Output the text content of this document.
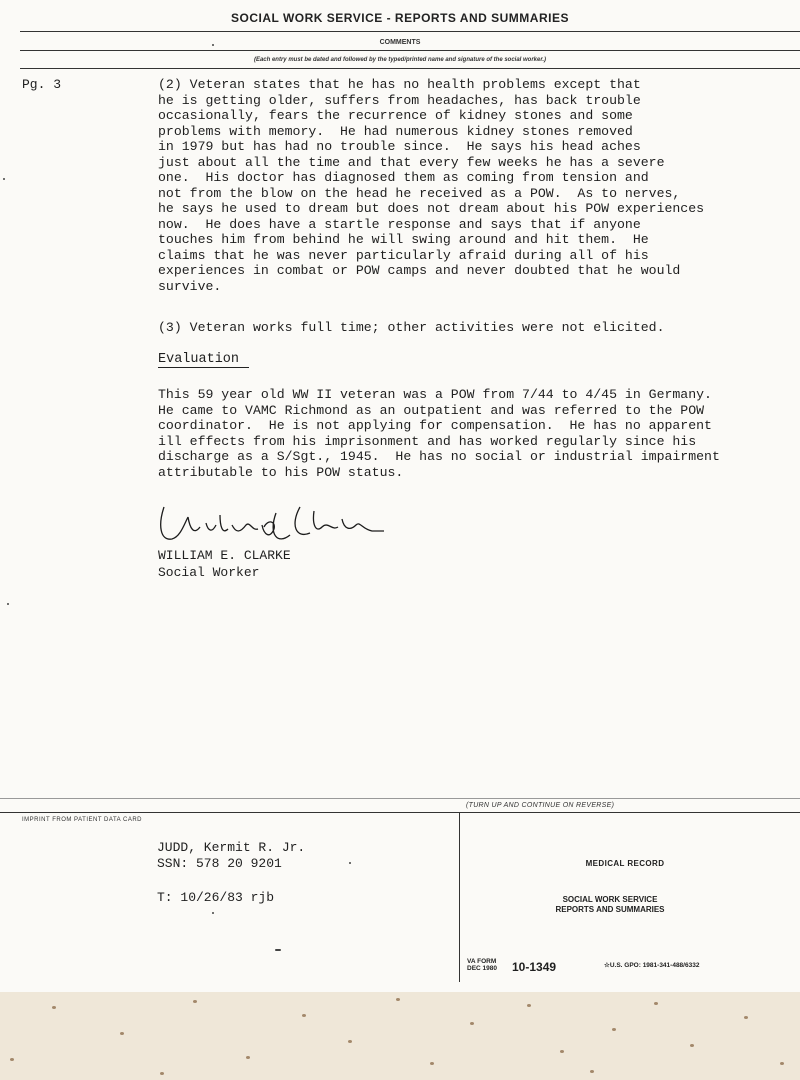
SOCIAL WORK SERVICE - REPORTS AND SUMMARIES
COMMENTS
(Each entry must be dated and followed by the typed/printed name and signature of the social worker.)
Pg. 3	(2) Veteran states that he has no health problems except that
he is getting older, suffers from headaches, has back trouble
occasionally, fears the recurrence of kidney stones and some
problems with memory.  He had numerous kidney stones removed
in 1979 but has had no trouble since.  He says his head aches
just about all the time and that every few weeks he has a severe
one.  His doctor has diagnosed them as coming from tension and
not from the blow on the head he received as a POW.  As to nerves,
he says he used to dream but does not dream about his POW experiences
now.  He does have a startle response and says that if anyone
touches him from behind he will swing around and hit them.  He
claims that he was never particularly afraid during all of his
experiences in combat or POW camps and never doubted that he would
survive.
(3) Veteran works full time; other activities were not elicited.
Evaluation
This 59 year old WW II veteran was a POW from 7/44 to 4/45 in Germany.
He came to VAMC Richmond as an outpatient and was referred to the POW
coordinator.  He is not applying for compensation.  He has no apparent
ill effects from his imprisonment and has worked regularly since his
discharge as a S/Sgt., 1945.  He has no social or industrial impairment
attributable to his POW status.
William E. Clarke
WILLIAM E. CLARKE
Social Worker
(TURN UP AND CONTINUE ON REVERSE)
IMPRINT FROM PATIENT DATA CARD
JUDD, Kermit R. Jr.
SSN: 578 20 9201
T: 10/26/83 rjb
MEDICAL RECORD
SOCIAL WORK SERVICE
REPORTS AND SUMMARIES
VA FORM
DEC 1980 10-1349	☆U.S. GPO: 1981-341-488/6332
